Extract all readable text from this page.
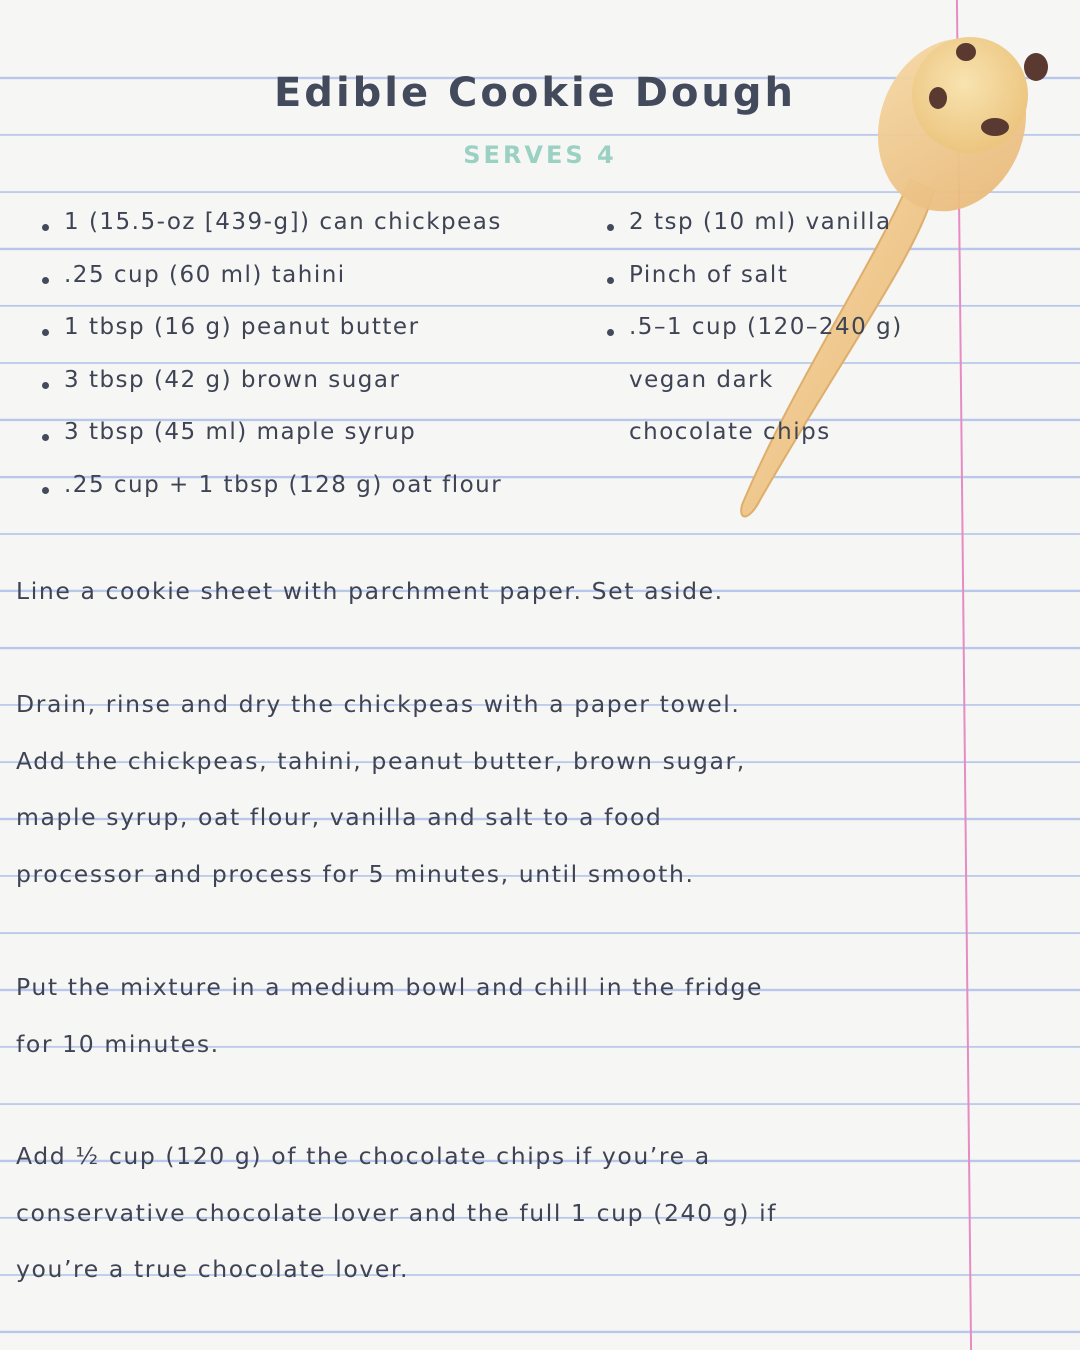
Edible Cookie Dough
SERVES 4
1 (15.5-oz [439-g]) can chickpeas
.25 cup (60 ml) tahini
1 tbsp (16 g) peanut butter
3 tbsp (42 g) brown sugar
3 tbsp (45 ml) maple syrup
.25 cup + 1 tbsp (128 g) oat flour
2 tsp (10 ml) vanilla
Pinch of salt
.5–1 cup (120–240 g)
vegan dark
chocolate chips
Line a cookie sheet with parchment paper. Set aside.
Drain, rinse and dry the chickpeas with a paper towel.
Add the chickpeas, tahini, peanut butter, brown sugar,
maple syrup, oat flour, vanilla and salt to a food
processor and process for 5 minutes, until smooth.
Put the mixture in a medium bowl and chill in the fridge
for 10 minutes.
Add ½ cup (120 g) of the chocolate chips if you’re a
conservative chocolate lover and the full 1 cup (240 g) if
you’re a true chocolate lover.
